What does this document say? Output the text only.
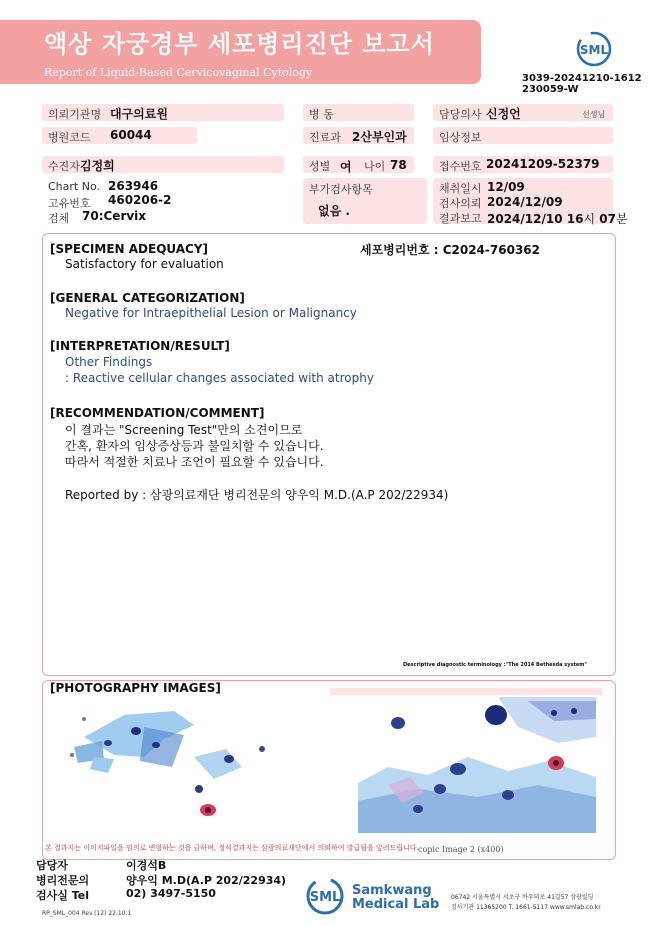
액상 자궁경부 세포병리진단 보고서
Report of Liquid-Based Cervicovaginal Cytology
SML
3039-20241210-1612
230059-W
의뢰기관명 대구의료원	병 동	담당의사 신정언	선생님
병원코드 60044	진료과 2산부인과	임상정보
수진자 김정희	성별 여 나이 78	접수번호 20241209-52379
Chart No. 263946
고유번호 460206-2
검체 70:Cervix
부가검사항목
없음 .
채취일시 12/09
검사의뢰 2024/12/09
결과보고 2024/12/10 16시 07분
세포병리번호 : C2024-760362
[SPECIMEN ADEQUACY]
Satisfactory for evaluation
[GENERAL CATEGORIZATION]
Negative for Intraepithelial Lesion or Malignancy
[INTERPRETATION/RESULT]
Other Findings
: Reactive cellular changes associated with atrophy
[RECOMMENDATION/COMMENT]
이 결과는 "Screening Test"만의 소견이므로
간혹, 환자의 임상증상등과 불일치할 수 있습니다.
따라서 적절한 치료나 조언이 필요할 수 있습니다.
Reported by : 삼광의료재단 병리전문의 양우익 M.D.(A.P 202/22934)
Descriptive diagnostic terminology :"The 2014 Bethesda system"
[PHOTOGRAPHY IMAGES]
copic Image 2 (x400)
본 결과지는 이미지파일을 임의로 변형하는 것을 금하며, 정식결과지는 삼광의료재단에서 의뢰하여 발급됨을 알려드립니다.
담당자	이경석B
병리전문의	양우익 M.D(A.P 202/22934)
검사실 Tel	02) 3497-5150	SML Samkwang
Medical Lab 06742 서울특별시 서초구 바우뫼로 41길57 삼광빌딩
검사기관 11365200 T. 1661-5117 www.smlab.co.kr
RP_SML_004 Rev.(12) 22.10.1
